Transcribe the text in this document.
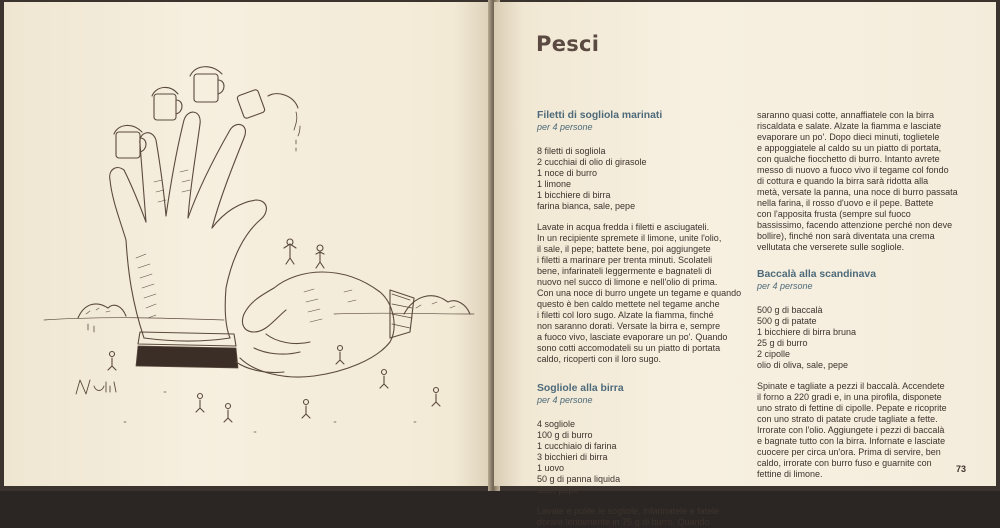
Pesci
Filetti di sogliola marinati

per 4 persone

8 filetti di sogliola
2 cucchiai di olio di girasole
1 noce di burro
1 limone
1 bicchiere di birra
farina bianca, sale, pepe
Lavate in acqua fredda i filetti e asciugateli.
In un recipiente spremete il limone, unite l'olio,
il sale, il pepe; battete bene, poi aggiungete
i filetti a marinare per trenta minuti. Scolateli
bene, infarinateli leggermente e bagnateli di
nuovo nel succo di limone e nell'olio di prima.
Con una noce di burro ungete un tegame e quando
questo è ben caldo mettete nel tegame anche
i filetti col loro sugo. Alzate la fiamma, finché
non saranno dorati. Versate la birra e, sempre
a fuoco vivo, lasciate evaporare un po'. Quando
sono cotti accomodateli su un piatto di portata
caldo, ricoperti con il loro sugo.
Sogliole alla birra

per 4 persone

4 sogliole
100 g di burro
1 cucchiaio di farina
3 bicchieri di birra
1 uovo
50 g di panna liquida
sale, pepe
Lavate e pulite le sogliole, infarinatele e fatele
dorare lentamente in 75 g di burro. Quando
saranno quasi cotte, annaffiatele con la birra
riscaldata e salate. Alzate la fiamma e lasciate
evaporare un po'. Dopo dieci minuti, toglietele
e appoggiatele al caldo su un piatto di portata,
con qualche fiocchetto di burro. Intanto avrete
messo di nuovo a fuoco vivo il tegame col fondo
di cottura e quando la birra sarà ridotta alla
metà, versate la panna, una noce di burro passata
nella farina, il rosso d'uovo e il pepe. Battete
con l'apposita frusta (sempre sul fuoco
bassissimo, facendo attenzione perché non deve
bollire), finché non sarà diventata una crema
vellutata che verserete sulle sogliole.
Baccalà alla scandinava

per 4 persone

500 g di baccalà
500 g di patate
1 bicchiere di birra bruna
25 g di burro
2 cipolle
olio di oliva, sale, pepe
Spinate e tagliate a pezzi il baccalà. Accendete
il forno a 220 gradi e, in una pirofila, disponete
uno strato di fettine di cipolle. Pepate e ricoprite
con uno strato di patate crude tagliate a fette.
Irrorate con l'olio. Aggiungete i pezzi di baccalà
e bagnate tutto con la birra. Infornate e lasciate
cuocere per circa un'ora. Prima di servire, ben
caldo, irrorate con burro fuso e guarnite con
fettine di limone.	73
